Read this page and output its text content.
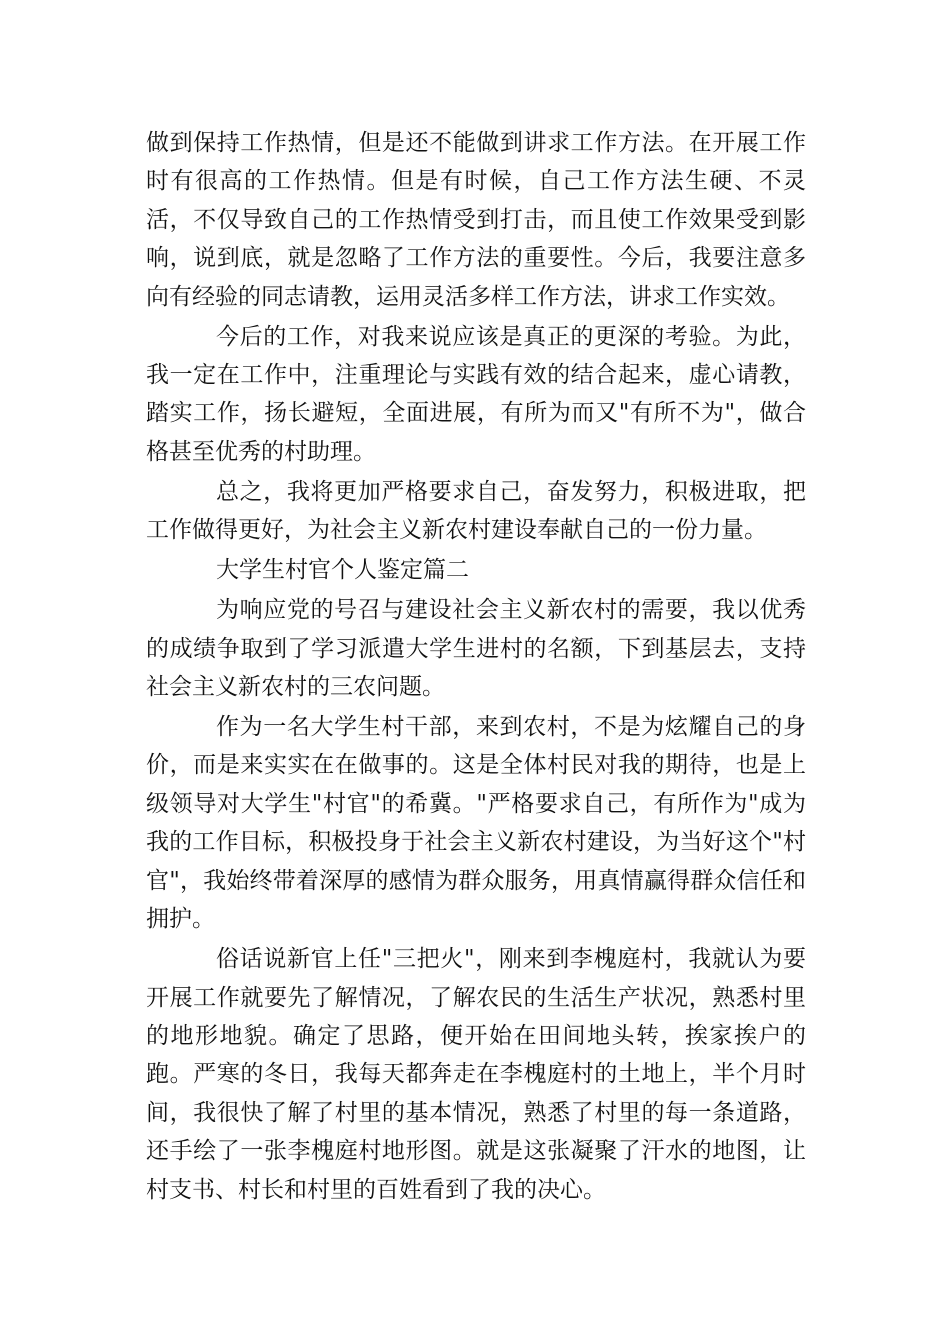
做到保持工作热情，但是还不能做到讲求工作方法。在开展工作时有很高的工作热情。但是有时候，自己工作方法生硬、不灵活，不仅导致自己的工作热情受到打击，而且使工作效果受到影响，说到底，就是忽略了工作方法的重要性。今后，我要注意多向有经验的同志请教，运用灵活多样工作方法，讲求工作实效。

今后的工作，对我来说应该是真正的更深的考验。为此，我一定在工作中，注重理论与实践有效的结合起来，虚心请教，踏实工作，扬长避短，全面进展，有所为而又"有所不为"，做合格甚至优秀的村助理。

总之，我将更加严格要求自己，奋发努力，积极进取，把工作做得更好，为社会主义新农村建设奉献自己的一份力量。

大学生村官个人鉴定篇二

为响应党的号召与建设社会主义新农村的需要，我以优秀的成绩争取到了学习派遣大学生进村的名额，下到基层去，支持社会主义新农村的三农问题。

作为一名大学生村干部，来到农村，不是为炫耀自己的身价，而是来实实在在做事的。这是全体村民对我的期待，也是上级领导对大学生"村官"的希冀。"严格要求自己，有所作为"成为我的工作目标，积极投身于社会主义新农村建设，为当好这个"村官"，我始终带着深厚的感情为群众服务，用真情赢得群众信任和拥护。

俗话说新官上任"三把火"，刚来到李槐庭村，我就认为要开展工作就要先了解情况，了解农民的生活生产状况，熟悉村里的地形地貌。确定了思路，便开始在田间地头转，挨家挨户的跑。严寒的冬日，我每天都奔走在李槐庭村的土地上，半个月时间，我很快了解了村里的基本情况，熟悉了村里的每一条道路，还手绘了一张李槐庭村地形图。就是这张凝聚了汗水的地图，让村支书、村长和村里的百姓看到了我的决心。
